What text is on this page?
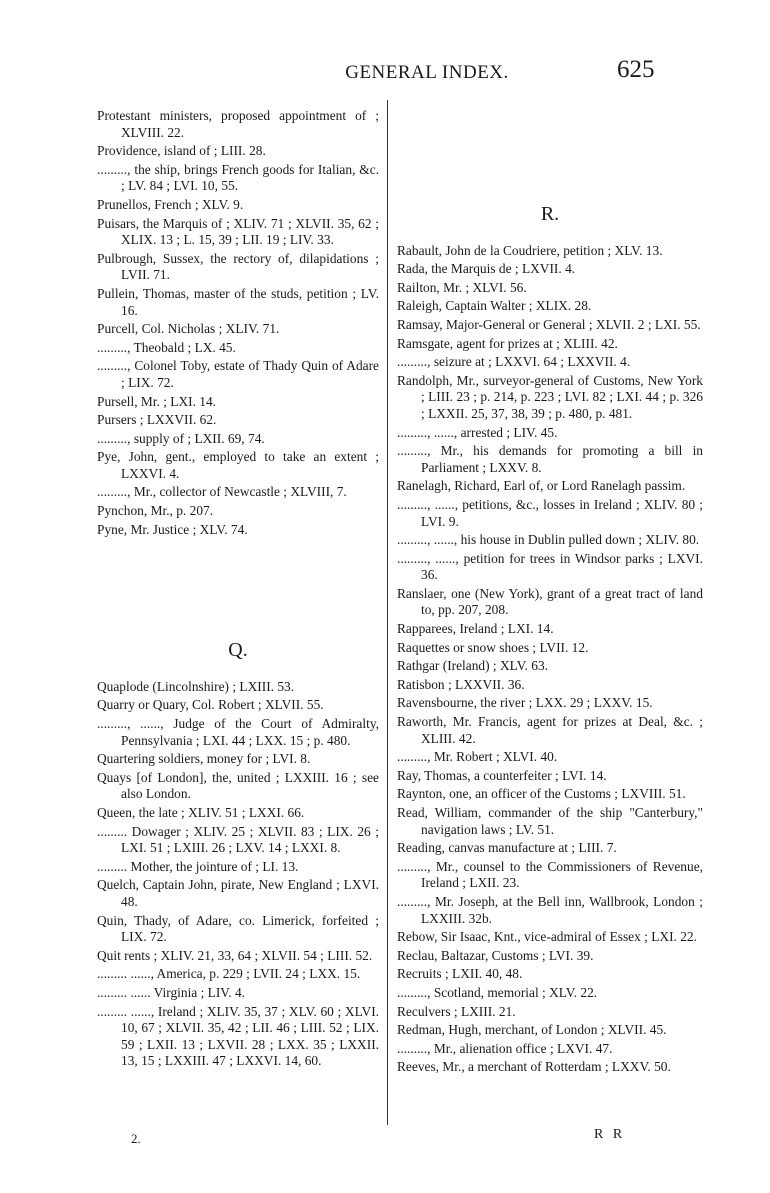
GENERAL INDEX.	625
Protestant ministers, proposed appointment of ; XLVIII. 22.
Providence, island of ; LIII. 28.
........., the ship, brings French goods for Italian, &c. ; LV. 84 ; LVI. 10, 55.
Prunellos, French ; XLV. 9.
Puisars, the Marquis of ; XLIV. 71 ; XLVII. 35, 62 ; XLIX. 13 ; L. 15, 39 ; LII. 19 ; LIV. 33.
Pulbrough, Sussex, the rectory of, dilapidations ; LVII. 71.
Pullein, Thomas, master of the studs, petition ; LV. 16.
Purcell, Col. Nicholas ; XLIV. 71.
........., Theobald ; LX. 45.
........., Colonel Toby, estate of Thady Quin of Adare ; LIX. 72.
Pursell, Mr. ; LXI. 14.
Pursers ; LXXVII. 62.
........., supply of ; LXII. 69, 74.
Pye, John, gent., employed to take an extent ; LXXVI. 4.
........., Mr., collector of Newcastle ; XLVIII, 7.
Pynchon, Mr., p. 207.
Pyne, Mr. Justice ; XLV. 74.
Q.
Quaplode (Lincolnshire) ; LXIII. 53.
Quarry or Quary, Col. Robert ; XLVII. 55.
........., ......, Judge of the Court of Admiralty, Pennsylvania ; LXI. 44 ; LXX. 15 ; p. 480.
Quartering soldiers, money for ; LVI. 8.
Quays [of London], the, united ; LXXIII. 16 ; see also London.
Queen, the late ; XLIV. 51 ; LXXI. 66.
......... Dowager ; XLIV. 25 ; XLVII. 83 ; LIX. 26 ; LXI. 51 ; LXIII. 26 ; LXV. 14 ; LXXI. 8.
......... Mother, the jointure of ; LI. 13.
Quelch, Captain John, pirate, New England ; LXVI. 48.
Quin, Thady, of Adare, co. Limerick, forfeited ; LIX. 72.
Quit rents ; XLIV. 21, 33, 64 ; XLVII. 54 ; LIII. 52.
......... ......, America, p. 229 ; LVII. 24 ; LXX. 15.
......... ...... Virginia ; LIV. 4.
......... ......, Ireland ; XLIV. 35, 37 ; XLV. 60 ; XLVI. 10, 67 ; XLVII. 35, 42 ; LII. 46 ; LIII. 52 ; LIX. 59 ; LXII. 13 ; LXVII. 28 ; LXX. 35 ; LXXII. 13, 15 ; LXXIII. 47 ; LXXVI. 14, 60.
R.
Rabault, John de la Coudriere, petition ; XLV. 13.
Rada, the Marquis de ; LXVII. 4.
Railton, Mr. ; XLVI. 56.
Raleigh, Captain Walter ; XLIX. 28.
Ramsay, Major-General or General ; XLVII. 2 ; LXI. 55.
Ramsgate, agent for prizes at ; XLIII. 42.
........., seizure at ; LXXVI. 64 ; LXXVII. 4.
Randolph, Mr., surveyor-general of Customs, New York ; LIII. 23 ; p. 214, p. 223 ; LVI. 82 ; LXI. 44 ; p. 326 ; LXXII. 25, 37, 38, 39 ; p. 480, p. 481.
........., ......, arrested ; LIV. 45.
........., Mr., his demands for promoting a bill in Parliament ; LXXV. 8.
Ranelagh, Richard, Earl of, or Lord Ranelagh passim.
........., ......, petitions, &c., losses in Ireland ; XLIV. 80 ; LVI. 9.
........., ......, his house in Dublin pulled down ; XLIV. 80.
........., ......, petition for trees in Windsor parks ; LXVI. 36.
Ranslaer, one (New York), grant of a great tract of land to, pp. 207, 208.
Rapparees, Ireland ; LXI. 14.
Raquettes or snow shoes ; LVII. 12.
Rathgar (Ireland) ; XLV. 63.
Ratisbon ; LXXVII. 36.
Ravensbourne, the river ; LXX. 29 ; LXXV. 15.
Raworth, Mr. Francis, agent for prizes at Deal, &c. ; XLIII. 42.
........., Mr. Robert ; XLVI. 40.
Ray, Thomas, a counterfeiter ; LVI. 14.
Raynton, one, an officer of the Customs ; LXVIII. 51.
Read, William, commander of the ship "Canterbury," navigation laws ; LV. 51.
Reading, canvas manufacture at ; LIII. 7.
........., Mr., counsel to the Commissioners of Revenue, Ireland ; LXII. 23.
........., Mr. Joseph, at the Bell inn, Wallbrook, London ; LXXIII. 32b.
Rebow, Sir Isaac, Knt., vice-admiral of Essex ; LXI. 22.
Reclau, Baltazar, Customs ; LVI. 39.
Recruits ; LXII. 40, 48.
........., Scotland, memorial ; XLV. 22.
Reculvers ; LXIII. 21.
Redman, Hugh, merchant, of London ; XLVII. 45.
........., Mr., alienation office ; LXVI. 47.
Reeves, Mr., a merchant of Rotterdam ; LXXV. 50.
2.	R R
